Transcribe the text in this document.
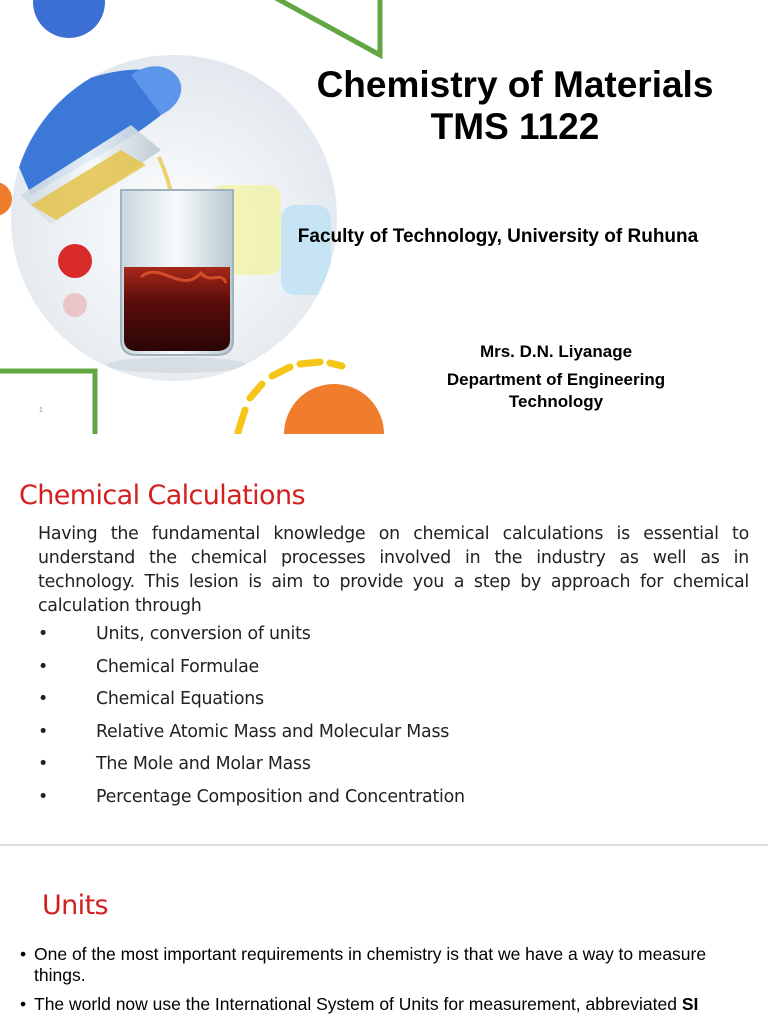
Chemistry of Materials
TMS 1122
Faculty of Technology, University of Ruhuna
Mrs. D.N. Liyanage
Department of Engineering
Technology
1
Chemical Calculations

Having the fundamental knowledge on chemical calculations is essential to understand the chemical processes involved in the industry as well as in technology. This lesion is aim to provide you a step by approach for chemical calculation through

•	Units, conversion of units
•	Chemical Formulae
•	Chemical Equations
•	Relative Atomic Mass and Molecular Mass
•	The Mole and Molar Mass
•	Percentage Composition and Concentration
Units
• One of the most important requirements in chemistry is that we have a way to measure things.
• The world now use the International System of Units for measurement, abbreviated SI
